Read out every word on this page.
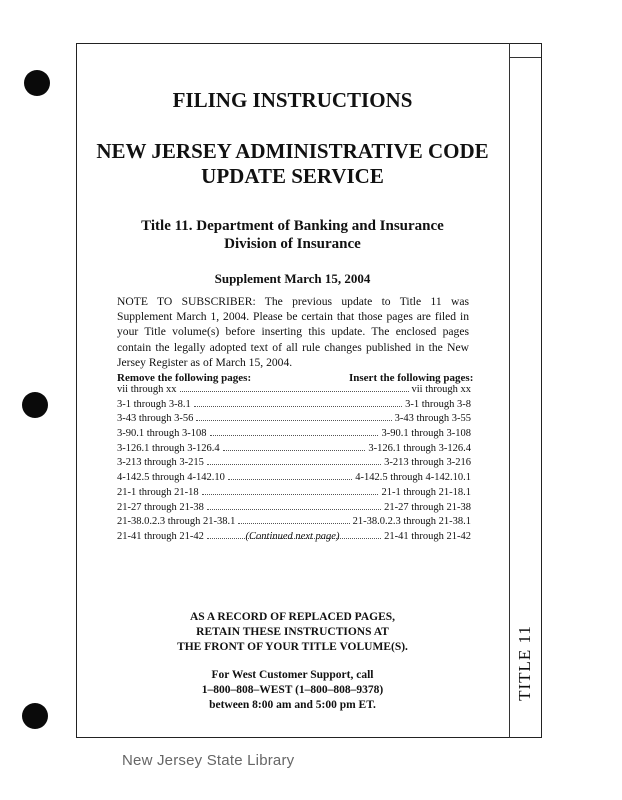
TITLE 11
FILING INSTRUCTIONS
NEW JERSEY ADMINISTRATIVE CODE
UPDATE SERVICE
Title 11. Department of Banking and Insurance
Division of Insurance
Supplement March 15, 2004
NOTE TO SUBSCRIBER: The previous update to Title 11 was Supplement March 1, 2004. Please be certain that those pages are filed in your Title volume(s) before inserting this update. The enclosed pages contain the legally adopted text of all rule changes published in the New Jersey Register as of March 15, 2004.
Remove the following pages:	Insert the following pages:
vii through xx	vii through xx
3-1 through 3-8.1	3-1 through 3-8
3-43 through 3-56	3-43 through 3-55
3-90.1 through 3-108	3-90.1 through 3-108
3-126.1 through 3-126.4	3-126.1 through 3-126.4
3-213 through 3-215	3-213 through 3-216
4-142.5 through 4-142.10	4-142.5 through 4-142.10.1
21-1 through 21-18	21-1 through 21-18.1
21-27 through 21-38	21-27 through 21-38
21-38.0.2.3 through 21-38.1	21-38.0.2.3 through 21-38.1
21-41 through 21-42	21-41 through 21-42
(Continued next page)
AS A RECORD OF REPLACED PAGES,
RETAIN THESE INSTRUCTIONS AT
THE FRONT OF YOUR TITLE VOLUME(S).
For West Customer Support, call
1–800–808–WEST (1–800–808–9378)
between 8:00 am and 5:00 pm ET.
New Jersey State Library
